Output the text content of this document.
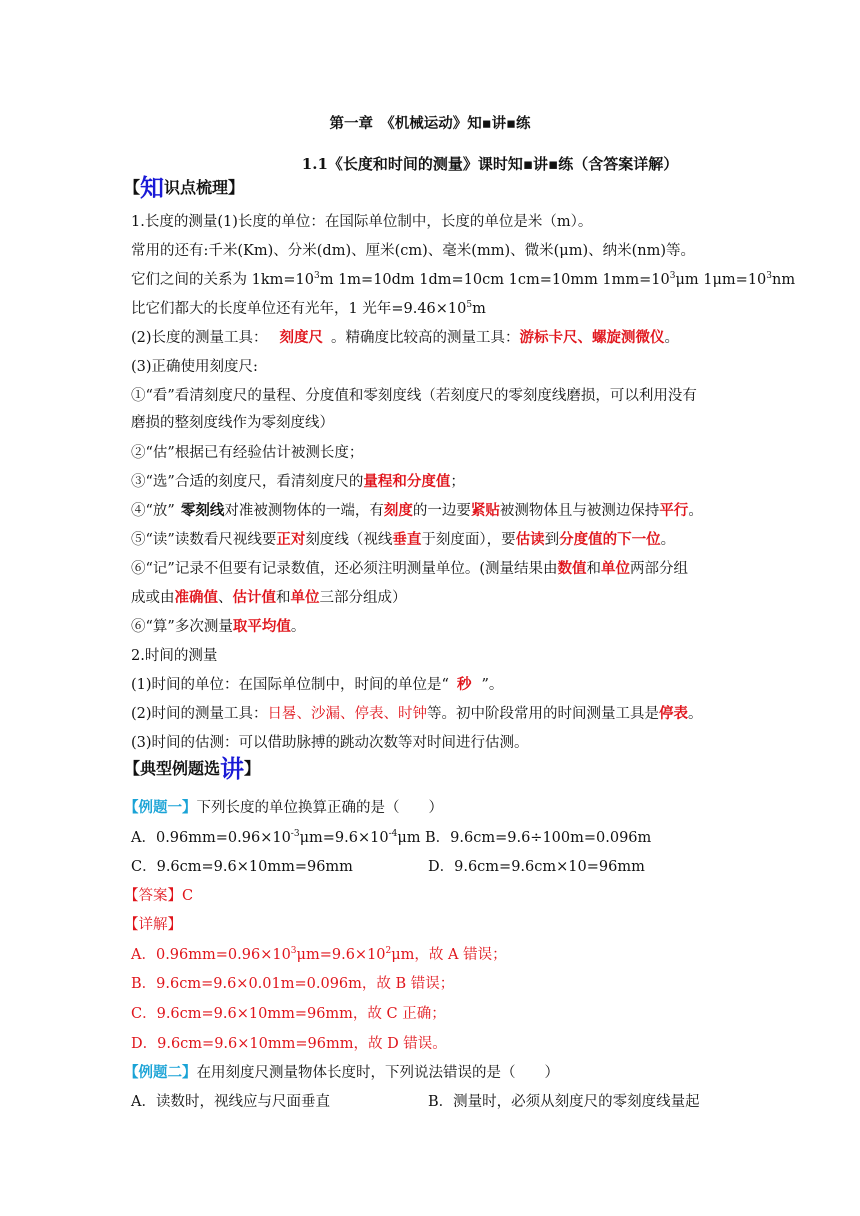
第一章　《机械运动》知▪讲▪练
1.1《长度和时间的测量》课时知▪讲▪练（含答案详解）
【知识点梳理】
1.长度的测量(1)长度的单位：在国际单位制中，长度的单位是米（m）。
常用的还有:千米(Km)、分米(dm)、厘米(cm)、毫米(mm)、微米(μm)、纳米(nm)等。
它们之间的关系为 $1km=10^3m$ 1m=10dm 1dm=10cm 1cm=10mm $1mm=10^3\mu m$ $1\mu m=10^3nm$
比它们都大的长度单位还有光年，1 光年$=9.46\times 10^5m$
(2)长度的测量工具： 刻度尺 。精确度比较高的测量工具：游标卡尺、螺旋测微仪。
(3)正确使用刻度尺:
①“看”看清刻度尺的量程、分度值和零刻度线（若刻度尺的零刻度线磨损，可以利用没有
磨损的整刻度线作为零刻度线）
②“估”根据已有经验估计被测长度；
③“选”合适的刻度尺，看清刻度尺的量程和分度值；
④“放” 零刻线对准被测物体的一端，有刻度的一边要紧贴被测物体且与被测边保持平行。
⑤“读”读数看尺视线要正对刻度线（视线垂直于刻度面），要估读到分度值的下一位。
⑥“记”记录不但要有记录数值，还必须注明测量单位。(测量结果由数值和单位两部分组
成或由准确值、估计值和单位三部分组成）
⑥“算”多次测量取平均值。
2.时间的测量
(1)时间的单位：在国际单位制中，时间的单位是“ 秒 ”。
(2)时间的测量工具：日晷、沙漏、停表、时钟等。初中阶段常用的时间测量工具是停表。
(3)时间的估测：可以借助脉搏的跳动次数等对时间进行估测。
【典型例题选讲】
【例题一】下列长度的单位换算正确的是（　　）
A．$0.96mm=0.96\times 10^{-3}\mu m=9.6\times 10^{-4}\mu m$ B．9.6cm=9.6÷100m=0.096m
C．9.6cm=9.6×10mm=96mm	D．9.6cm=9.6cm×10=96mm
【答案】C
【详解】
A．$0.96mm=0.96\times 10^3\mu m=9.6\times 10^2\mu m$，故 A 错误；
B．9.6cm=9.6×0.01m=0.096m，故 B 错误；
C．9.6cm=9.6×10mm=96mm，故 C 正确；
D．9.6cm=9.6×10mm=96mm，故 D 错误。
【例题二】在用刻度尺测量物体长度时，下列说法错误的是（　　）
A．读数时，视线应与尺面垂直	B．测量时，必须从刻度尺的零刻度线量起
